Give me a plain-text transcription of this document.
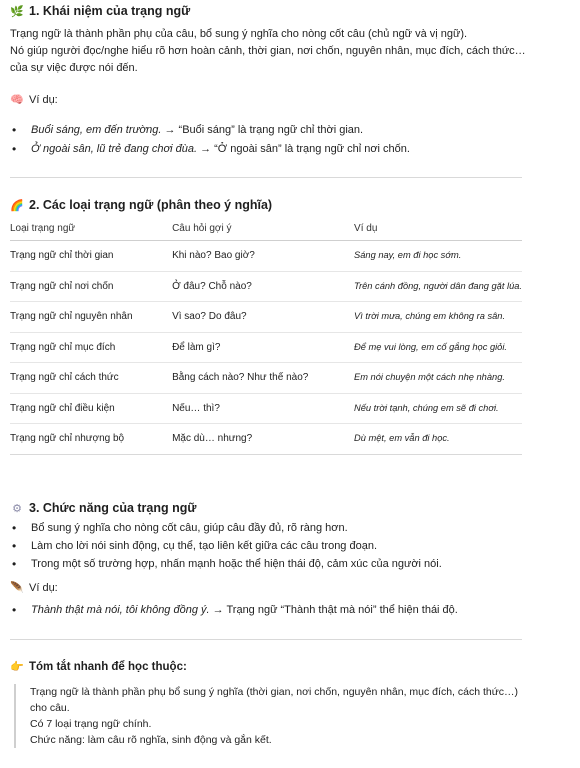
🌿 1. Khái niệm của trạng ngữ

Trạng ngữ là thành phần phụ của câu, bổ sung ý nghĩa cho nòng cốt câu (chủ ngữ và vị ngữ).

Nó giúp người đọc/nghe hiểu rõ hơn hoàn cảnh, thời gian, nơi chốn, nguyên nhân, mục đích, cách thức…

của sự việc được nói đến.

🧠 Ví dụ:
• Buổi sáng, em đến trường. → “Buổi sáng” là trạng ngữ chỉ thời gian.
• Ở ngoài sân, lũ trẻ đang chơi đùa. → “Ở ngoài sân” là trạng ngữ chỉ nơi chốn.
🌈 2. Các loại trạng ngữ (phân theo ý nghĩa)
Loại trạng ngữ	Câu hỏi gợi ý	Ví dụ
Trạng ngữ chỉ thời gian	Khi nào? Bao giờ?	Sáng nay, em đi học sớm.
Trạng ngữ chỉ nơi chốn	Ở đâu? Chỗ nào?	Trên cánh đồng, người dân đang gặt lúa.
Trạng ngữ chỉ nguyên nhân	Vì sao? Do đâu?	Vì trời mưa, chúng em không ra sân.
Trạng ngữ chỉ mục đích	Để làm gì?	Để mẹ vui lòng, em cố gắng học giỏi.
Trạng ngữ chỉ cách thức	Bằng cách nào? Như thế nào?	Em nói chuyện một cách nhẹ nhàng.
Trạng ngữ chỉ điều kiện	Nếu… thì?	Nếu trời tạnh, chúng em sẽ đi chơi.
Trạng ngữ chỉ nhượng bộ	Mặc dù… nhưng?	Dù mệt, em vẫn đi học.
⚙ 3. Chức năng của trạng ngữ
• Bổ sung ý nghĩa cho nòng cốt câu, giúp câu đầy đủ, rõ ràng hơn.
• Làm cho lời nói sinh động, cụ thể, tạo liên kết giữa các câu trong đoạn.
• Trong một số trường hợp, nhấn mạnh hoặc thể hiện thái độ, cảm xúc của người nói.
🪶 Ví dụ:
• Thành thật mà nói, tôi không đồng ý. → Trạng ngữ “Thành thật mà nói” thể hiện thái độ.
👉 Tóm tắt nhanh để học thuộc:

Trạng ngữ là thành phần phụ bổ sung ý nghĩa (thời gian, nơi chốn, nguyên nhân, mục đích, cách thức…)

cho câu.

Có 7 loại trạng ngữ chính.

Chức năng: làm câu rõ nghĩa, sinh động và gắn kết.
